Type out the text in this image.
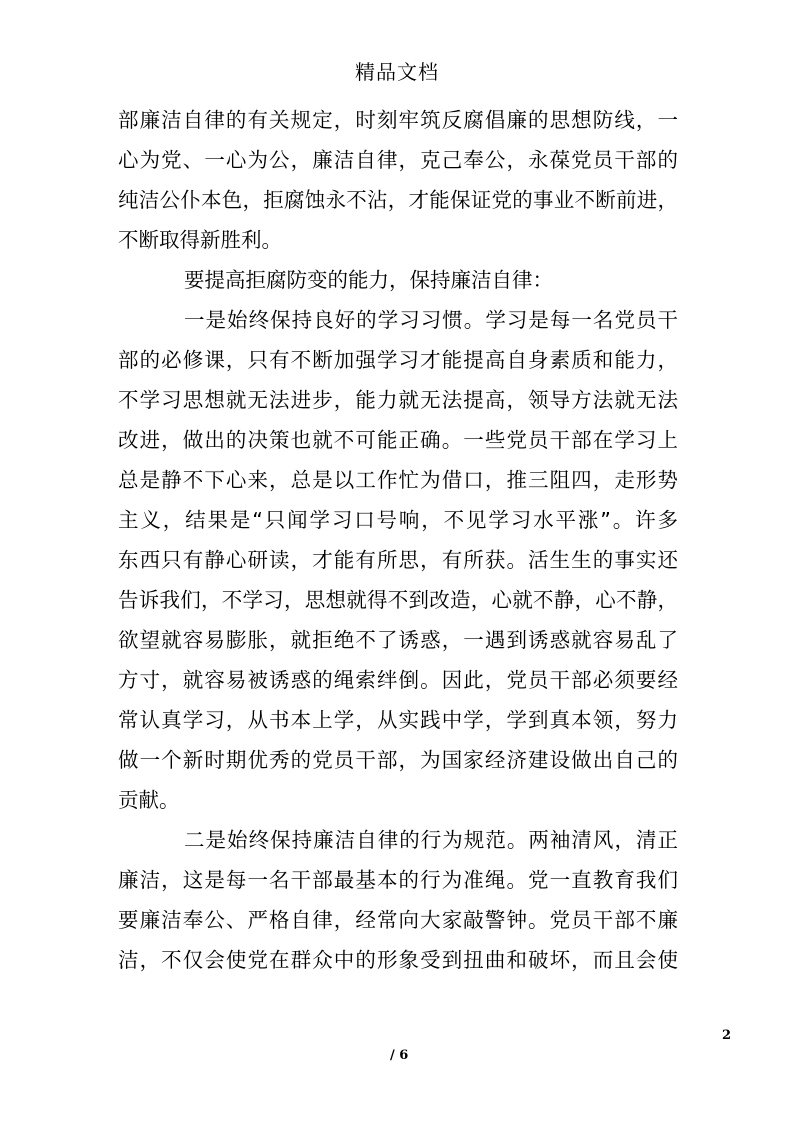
精品文档
部廉洁自律的有关规定，时刻牢筑反腐倡廉的思想防线，一
心为党、一心为公，廉洁自律，克己奉公，永葆党员干部的
纯洁公仆本色，拒腐蚀永不沾，才能保证党的事业不断前进，
不断取得新胜利。
要提高拒腐防变的能力，保持廉洁自律：
一是始终保持良好的学习习惯。学习是每一名党员干
部的必修课，只有不断加强学习才能提高自身素质和能力，
不学习思想就无法进步，能力就无法提高，领导方法就无法
改进，做出的决策也就不可能正确。一些党员干部在学习上
总是静不下心来，总是以工作忙为借口，推三阻四，走形势
主义，结果是“只闻学习口号响，不见学习水平涨”。许多
东西只有静心研读，才能有所思，有所获。活生生的事实还
告诉我们，不学习，思想就得不到改造，心就不静，心不静，
欲望就容易膨胀，就拒绝不了诱惑，一遇到诱惑就容易乱了
方寸，就容易被诱惑的绳索绊倒。因此，党员干部必须要经
常认真学习，从书本上学，从实践中学，学到真本领，努力
做一个新时期优秀的党员干部，为国家经济建设做出自己的
贡献。
二是始终保持廉洁自律的行为规范。两袖清风，清正
廉洁，这是每一名干部最基本的行为准绳。党一直教育我们
要廉洁奉公、严格自律，经常向大家敲警钟。党员干部不廉
洁，不仅会使党在群众中的形象受到扭曲和破坏，而且会使
2
/ 6
